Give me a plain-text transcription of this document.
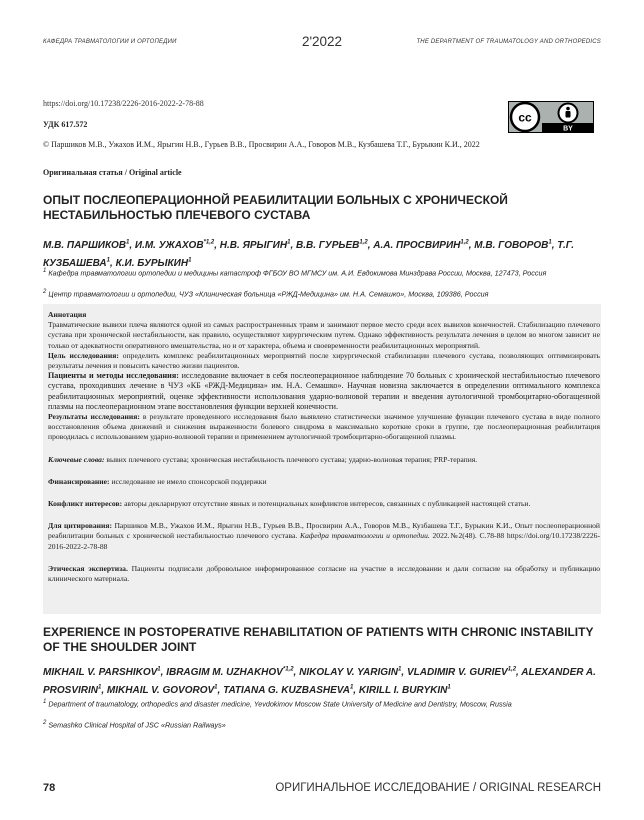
КАФЕДРА ТРАВМАТОЛОГИИ И ОРТОПЕДИИ	2'2022	THE DEPARTMENT OF TRAUMATOLOGY AND ORTHOPEDICS
https://doi.org/10.17238/2226-2016-2022-2-78-88
УДК 617.572
© Паршиков М.В., Ужахов И.М., Ярыгин Н.В., Гурьев В.В., Просвирин А.А., Говоров М.В., Кузбашева Т.Г., Бурыкин К.И., 2022
Оригинальная статья / Original article
cc
BY
ОПЫТ ПОСЛЕОПЕРАЦИОННОЙ РЕАБИЛИТАЦИИ БОЛЬНЫХ С ХРОНИЧЕСКОЙ НЕСТАБИЛЬНОСТЬЮ ПЛЕЧЕВОГО СУСТАВА
М.В. ПАРШИКОВ$^1$, И.М. УЖАХОВ$^{*1,2}$, Н.В. ЯРЫГИН$^1$, В.В. ГУРЬЕВ$^{1,2}$, А.А. ПРОСВИРИН$^{1,2}$, М.В. ГОВОРОВ$^1$, Т.Г. КУЗБАШЕВА$^1$, К.И. БУРЫКИН$^1$
$^1$ Кафедра травматологии ортопедии и медицины катастроф ФГБОУ ВО МГМСУ им. А.И. Евдокимова Минздрава России, Москва, 127473, Россия
$^2$ Центр травматологии и ортопедии, ЧУЗ «Клиническая больница «РЖД-Медицина» им. Н.А. Семашко», Москва, 109386, Россия

Аннотация

Травматические вывихи плеча являются одной из самых распространенных травм и занимают первое место среди всех вывихов конечностей. Стабилизацию плечевого сустава при хронической нестабильности, как правило, осуществляют хирургическим путем. Однако эффективность результата лечения в целом во многом зависит не только от адекватности оперативного вмешательства, но и от характера, объема и своевременности реабилитационных мероприятий.

Цель исследования: определить комплекс реабилитационных мероприятий после хирургической стабилизации плечевого сустава, позволяющих оптимизировать результаты лечения и повысить качество жизни пациентов.

Пациенты и методы исследования: исследование включает в себя послеоперационное наблюдение 70 больных с хронической нестабильностью плечевого сустава, проходивших лечение в ЧУЗ «КБ «РЖД-Медицина» им. Н.А. Семашко». Научная новизна заключается в определении оптимального комплекса реабилитационных мероприятий, оценке эффективности использования ударно-волновой терапии и введения аутологичной тромбоцитарно-обогащенной плазмы на послеоперационном этапе восстановления функции верхней конечности.

Результаты исследования: в результате проведенного исследования было выявлено статистически значимое улучшение функции плечевого сустава в виде полного восстановления объема движений и снижения выраженности болевого синдрома в максимально короткие сроки в группе, где послеоперационная реабилитация проводилась с использованием ударно-волновой терапии и применением аутологичной тромбоцитарно-обогащенной плазмы.

Ключевые слова: вывих плечевого сустава; хроническая нестабильность плечевого сустава; ударно-волновая терапия; PRP-терапия.

Финансирование: исследование не имело спонсорской поддержки

Конфликт интересов: авторы декларируют отсутствие явных и потенциальных конфликтов интересов, связанных с публикацией настоящей статьи.

Для цитирования: Паршиков М.В., Ужахов И.М., Ярыгин Н.В., Гурьев В.В., Просвирин А.А., Говоров М.В., Кузбашева Т.Г., Бурыкин К.И., Опыт послеоперационной реабилитации больных с хронической нестабильностью плечевого сустава. Кафедра травматологии и ортопедии. 2022.№2(48). С.78-88 https://doi.org/10.17238/2226-2016-2022-2-78-88

Этическая экспертиза. Пациенты подписали добровольное информированное согласие на участие в исследовании и дали согласие на обработку и публикацию клинического материала.

EXPERIENCE IN POSTOPERATIVE REHABILITATION OF PATIENTS WITH CHRONIC INSTABILITY OF THE SHOULDER JOINT
MIKHAIL V. PARSHIKOV$^1$, IBRAGIM M. UZHAKHOV$^{*1,2}$, NIKOLAY V. YARIGIN$^1$, VLADIMIR V. GURIEV$^{1,2}$, ALEXANDER A. PROSVIRIN$^1$, MIKHAIL V. GOVOROV$^1$, TATIANA G. KUZBASHEVA$^1$, KIRILL I. BURYKIN$^1$
$^1$ Department of traumatology, orthopedics and disaster medicine, Yevdokimov Moscow State University of Medicine and Dentistry, Moscow, Russia
$^2$ Semashko Clinical Hospital of JSC «Russian Railways»
78	ОРИГИНАЛЬНОЕ ИССЛЕДОВАНИЕ / ORIGINAL RESEARCH
